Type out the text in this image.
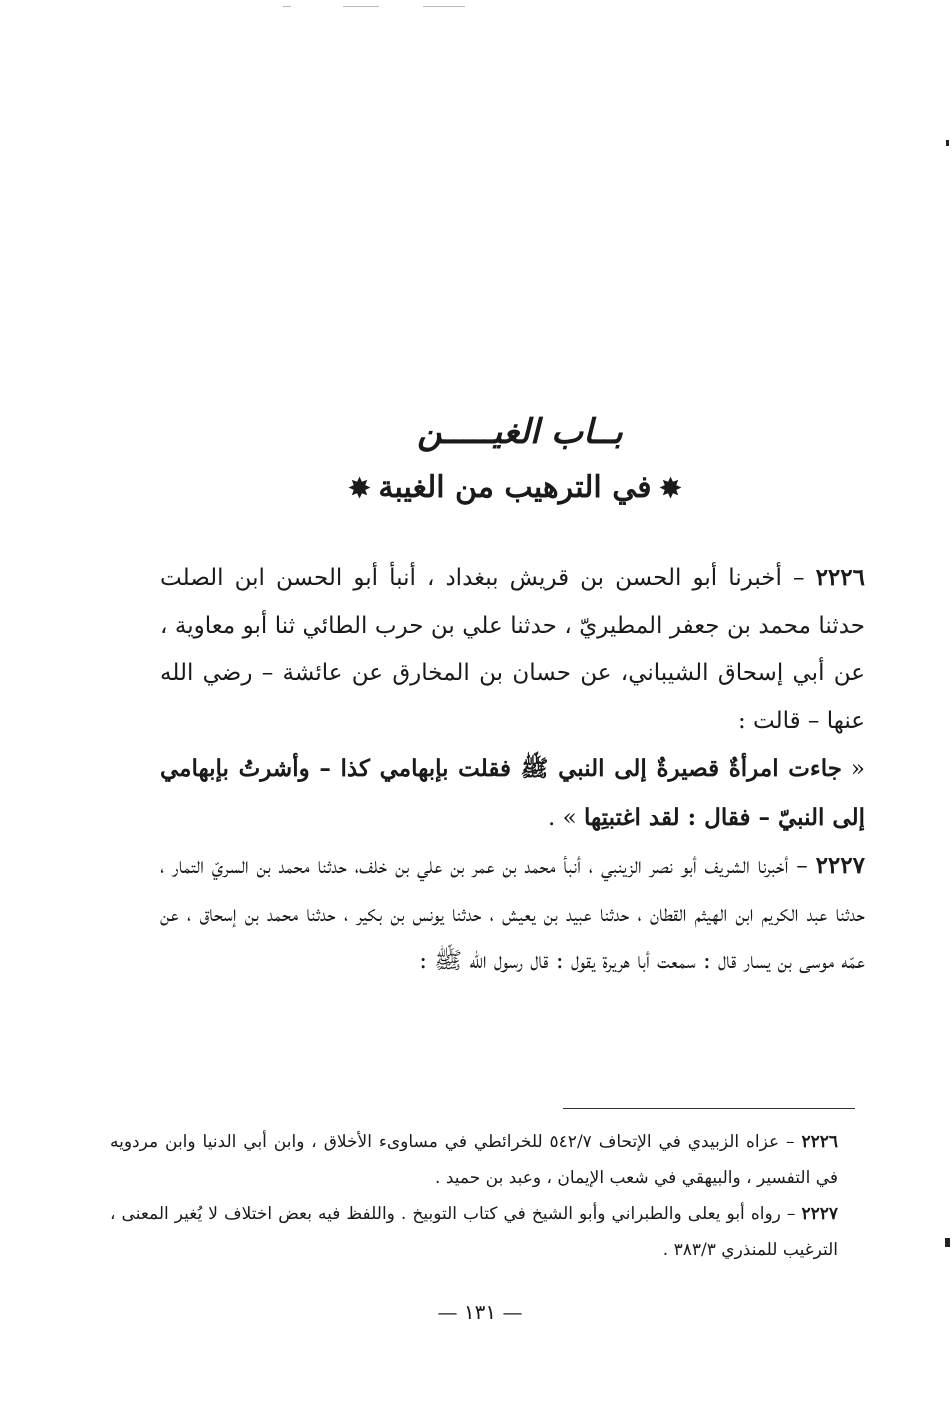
بــاب الغيـــــن
✸في الترهيب من الغيبة✸

٢٢٢٦ – أخبرنا أبو الحسن بن قريش ببغداد ، أنبأ أبو الحسن ابن الصلت حدثنا محمد بن جعفر المطيريّ ، حدثنا علي بن حرب الطائي ثنا أبو معاوية ، عن أبي إسحاق الشيباني، عن حسان بن المخارق عن عائشة – رضي الله عنها – قالت :

« جاءت امرأةٌ قصيرةٌ إلى النبي ﷺ فقلت بإبهامي كذا – وأشرتُ بإبهامي إلى النبيّ – فقال : لقد اغتبتِها » .

٢٢٢٧ – أخبرنا الشريف أبو نصر الزينبي ، أنبأ محمد بن عمر بن علي بن خلف، حدثنا محمد بن السريّ التمار ، حدثنا عبد الكريم ابن الهيثم القطان ، حدثنا عبيد بن يعيش ، حدثنا يونس بن بكير ، حدثنا محمد بن إسحاق ، عن عمّه موسى بن يسار قال : سمعت أبا هريرة يقول : قال رسول الله ﷺ :

٢٢٢٦ – عزاه الزبيدي في الإتحاف ٥٤٢/٧ للخرائطي في مساوىء الأخلاق ، وابن أبي الدنيا وابن مردويه في التفسير ، والبيهقي في شعب الإيمان ، وعبد بن حميد .

٢٢٢٧ – رواه أبو يعلى والطبراني وأبو الشيخ في كتاب التوبيخ . واللفظ فيه بعض اختلاف لا يُغير المعنى ، الترغيب للمنذري ٣٨٣/٣ .

— ١٣١ —
